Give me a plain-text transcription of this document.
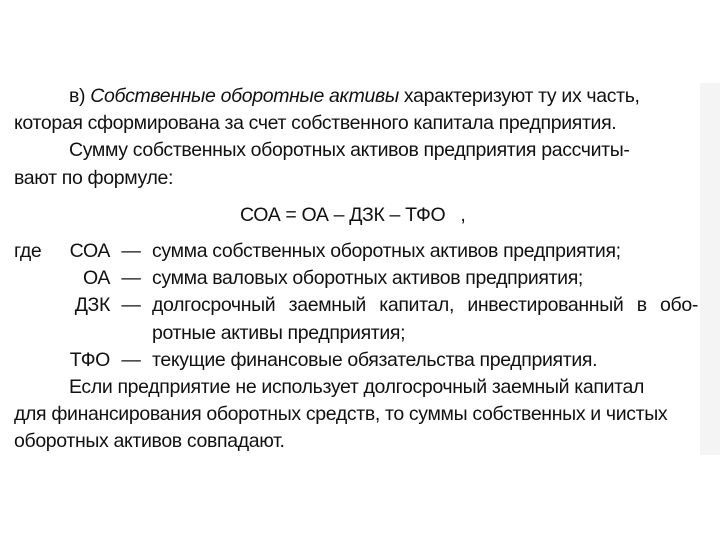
в) Собственные оборотные активы характеризуют ту их часть,
которая сформирована за счет собственного капитала предприятия.
Сумму собственных оборотных активов предприятия рассчиты-
вают по формуле:
СОА = ОА – ДЗК – ТФО ,
где	СОА — сумма собственных оборотных активов предприятия;
ОА — сумма валовых оборотных активов предприятия;
ДЗК — долгосрочный заемный капитал, инвестированный в обо-
ротные активы предприятия;
ТФО — текущие финансовые обязательства предприятия.
Если предприятие не использует долгосрочный заемный капитал
для финансирования оборотных средств, то суммы собственных и чистых
оборотных активов совпадают.
